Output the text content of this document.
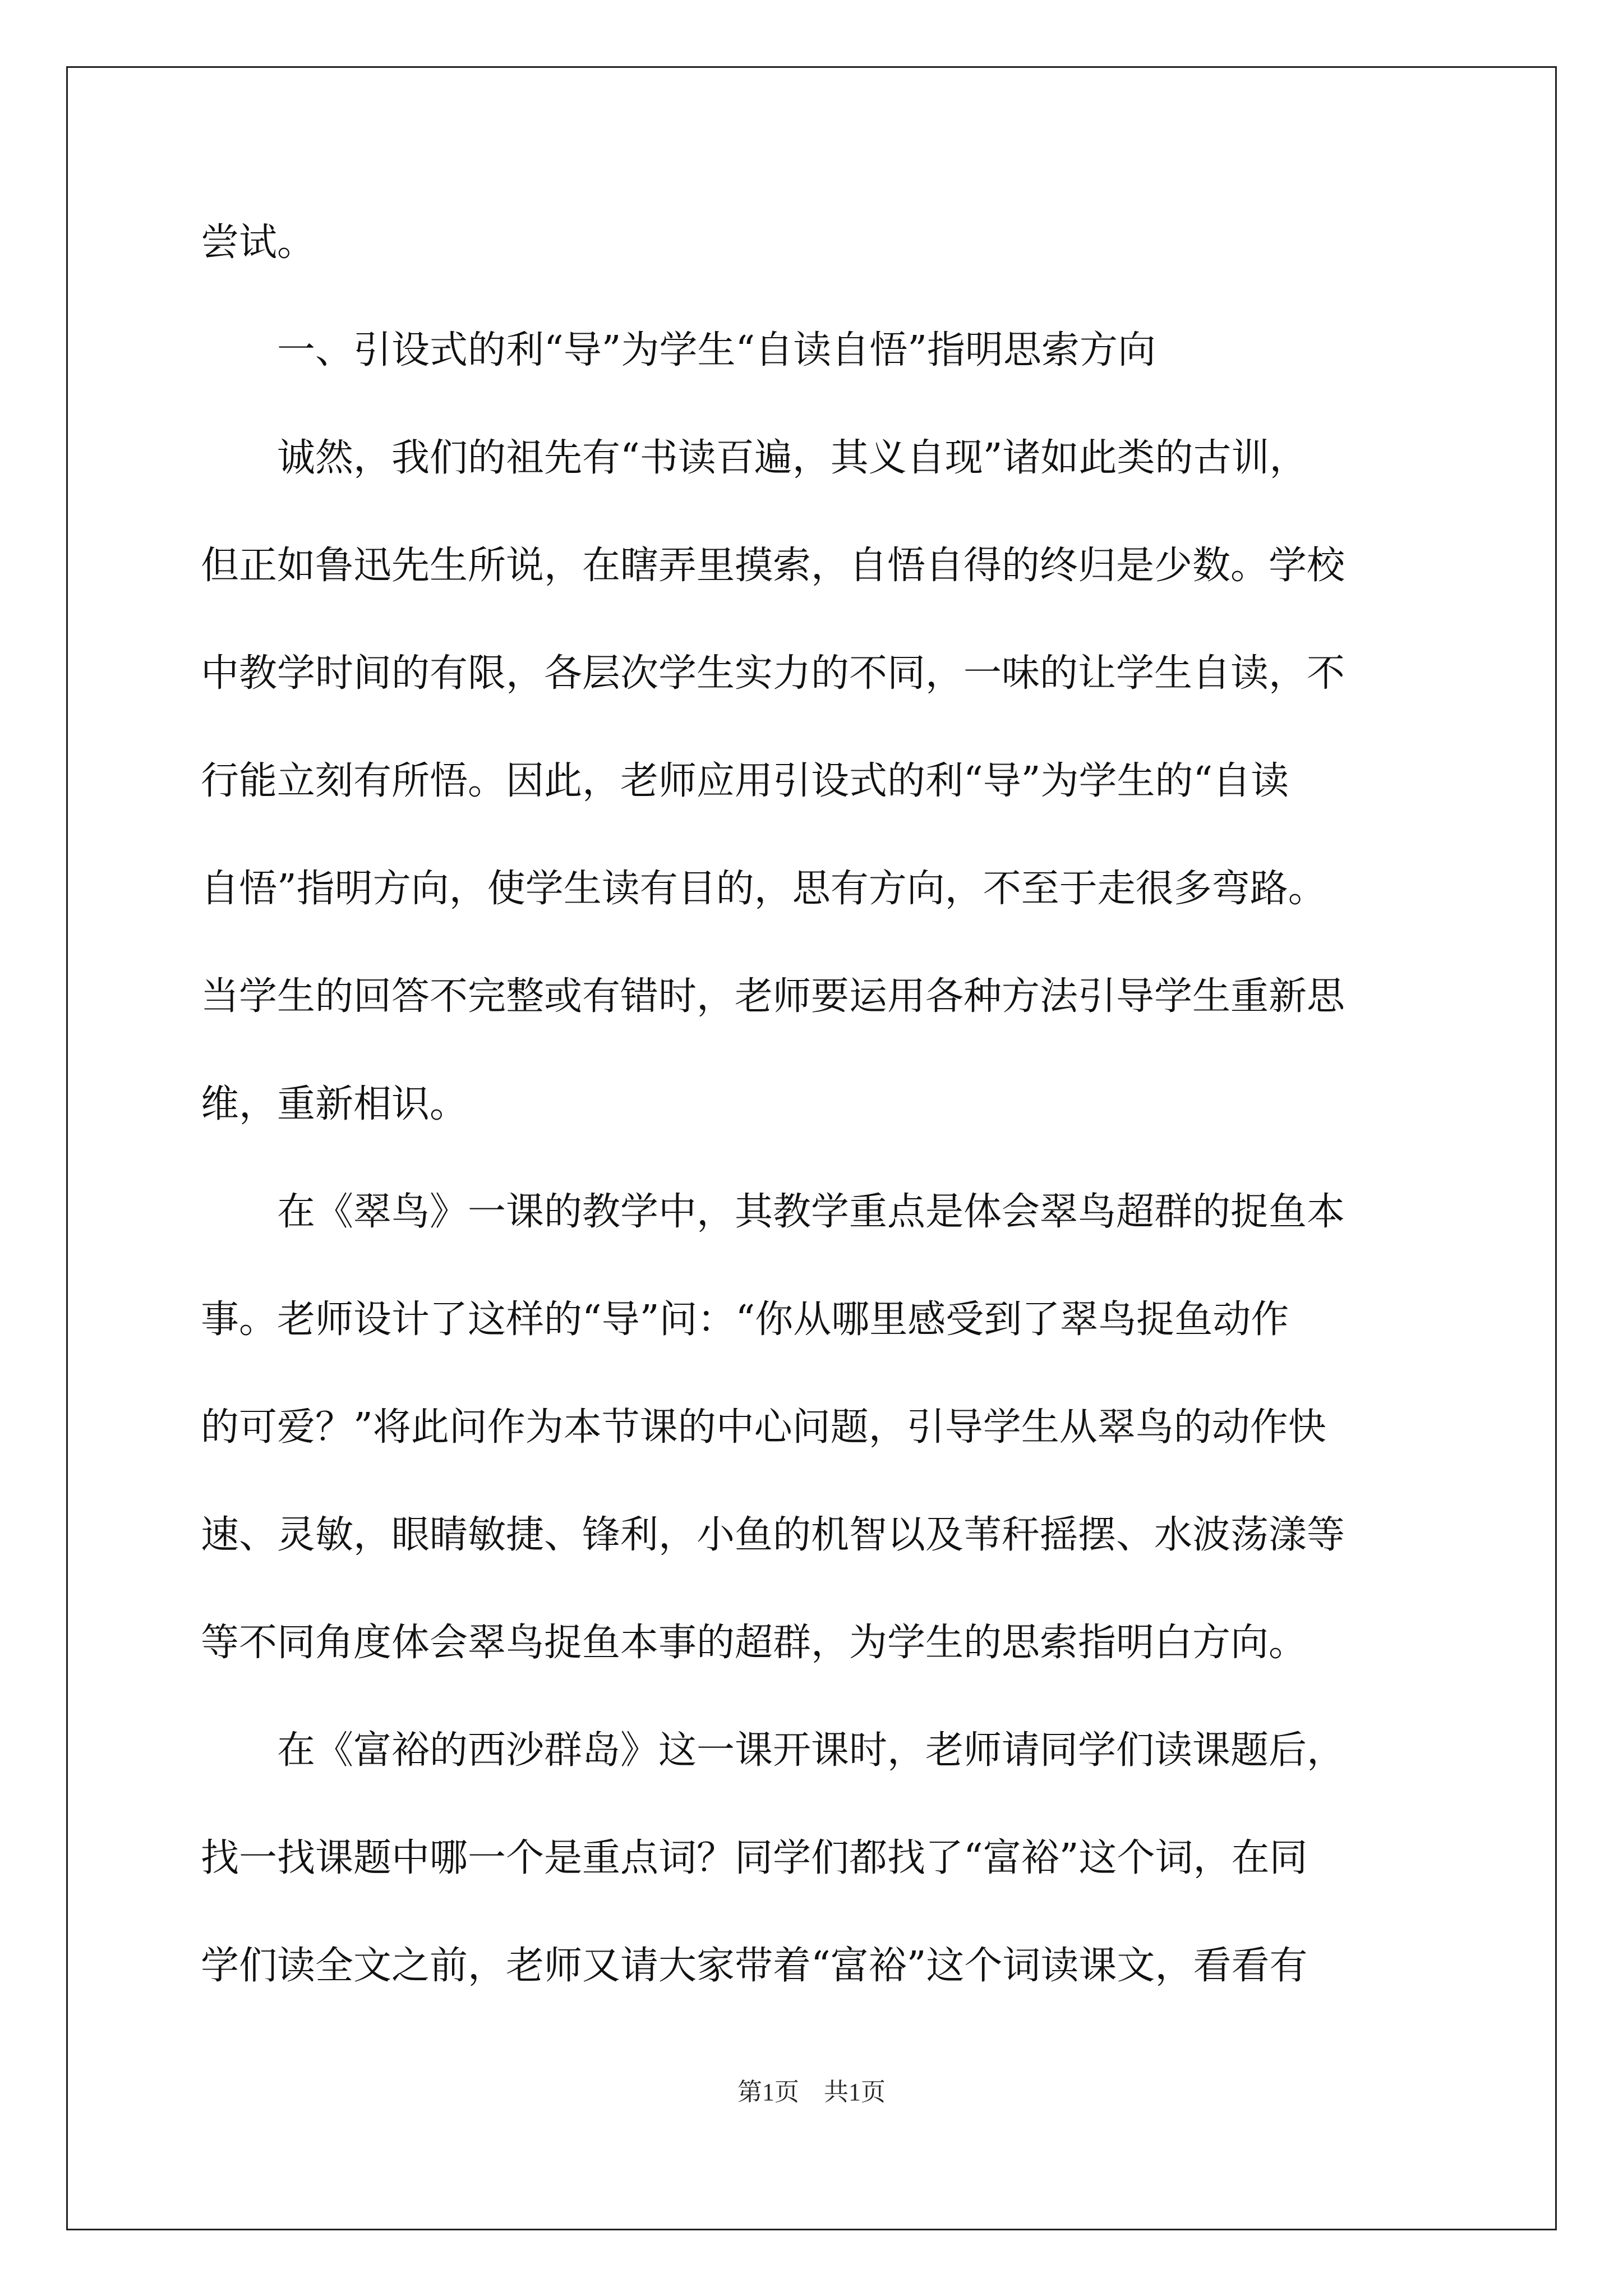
尝试。
　　一、引设式的利“导”为学生“自读自悟”指明思索方向
　　诚然，我们的祖先有“书读百遍，其义自现”诸如此类的古训，
但正如鲁迅先生所说，在瞎弄里摸索，自悟自得的终归是少数。学校
中教学时间的有限，各层次学生实力的不同，一味的让学生自读，不
行能立刻有所悟。因此，老师应用引设式的利“导”为学生的“自读
自悟”指明方向，使学生读有目的，思有方向，不至于走很多弯路。
当学生的回答不完整或有错时，老师要运用各种方法引导学生重新思
维，重新相识。
　　在《翠鸟》一课的教学中，其教学重点是体会翠鸟超群的捉鱼本
事。老师设计了这样的“导”问：“你从哪里感受到了翠鸟捉鱼动作
的可爱？”将此问作为本节课的中心问题，引导学生从翠鸟的动作快
速、灵敏，眼睛敏捷、锋利，小鱼的机智以及苇秆摇摆、水波荡漾等
等不同角度体会翠鸟捉鱼本事的超群，为学生的思索指明白方向。
　　在《富裕的西沙群岛》这一课开课时，老师请同学们读课题后，
找一找课题中哪一个是重点词？同学们都找了“富裕”这个词，在同
学们读全文之前，老师又请大家带着“富裕”这个词读课文，看看有
第1页　共1页
